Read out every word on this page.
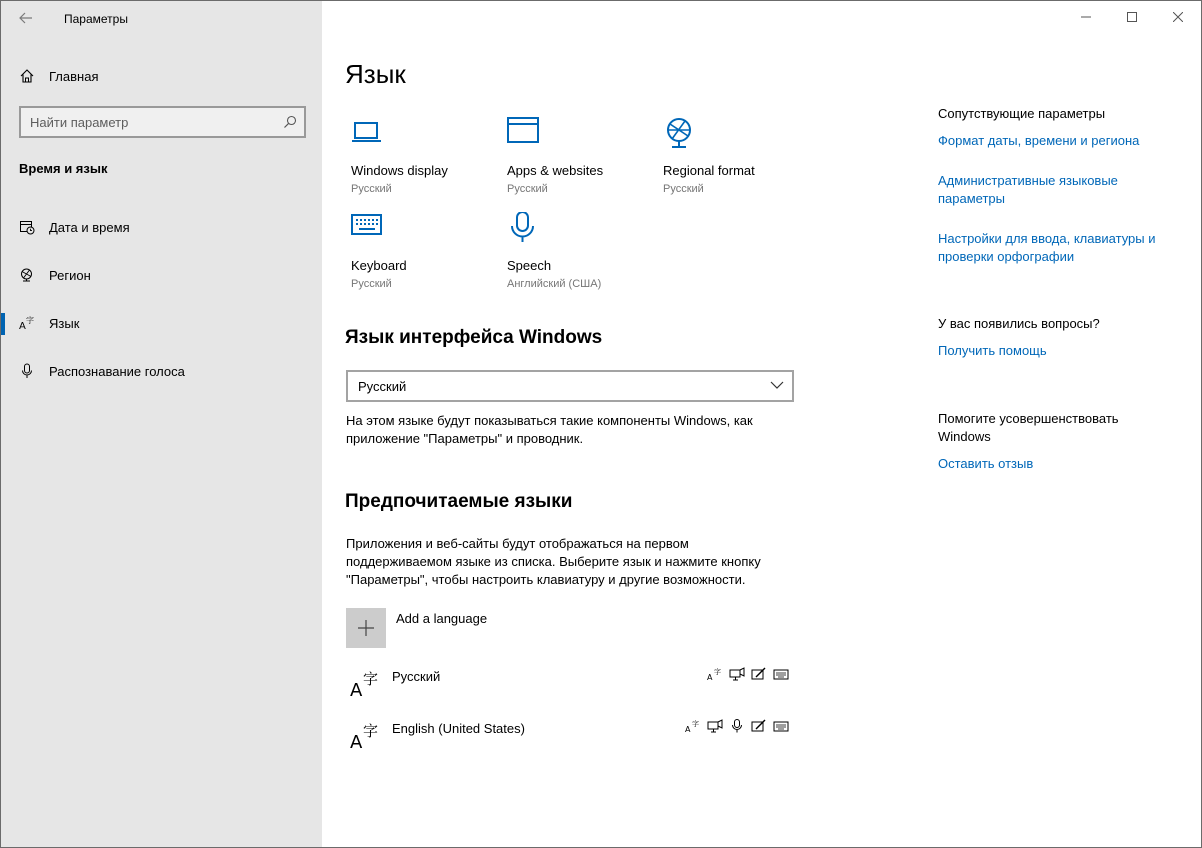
Параметры
Главная
Найти параметр
Время и язык
Дата и время
Регион
A
字 Язык
Распознавание голоса
Язык
Windows display
Русский
Apps & websites
Русский
Regional format
Русский
Keyboard
Русский
Speech
Английский (США)
Язык интерфейса Windows
Русский
На этом языке будут показываться такие компоненты Windows, как
приложение "Параметры" и проводник.
Предпочитаемые языки
Приложения и веб-сайты будут отображаться на первом
поддерживаемом языке из списка. Выберите язык и нажмите кнопку
"Параметры", чтобы настроить клавиатуру и другие возможности.
Add a language
A
字 Русский	A
字
A
字 English (United States)	A
字
Сопутствующие параметры
Формат даты, времени и региона
Административные языковые
параметры
Настройки для ввода, клавиатуры и
проверки орфографии
У вас появились вопросы?
Получить помощь
Помогите усовершенствовать
Windows
Оставить отзыв
